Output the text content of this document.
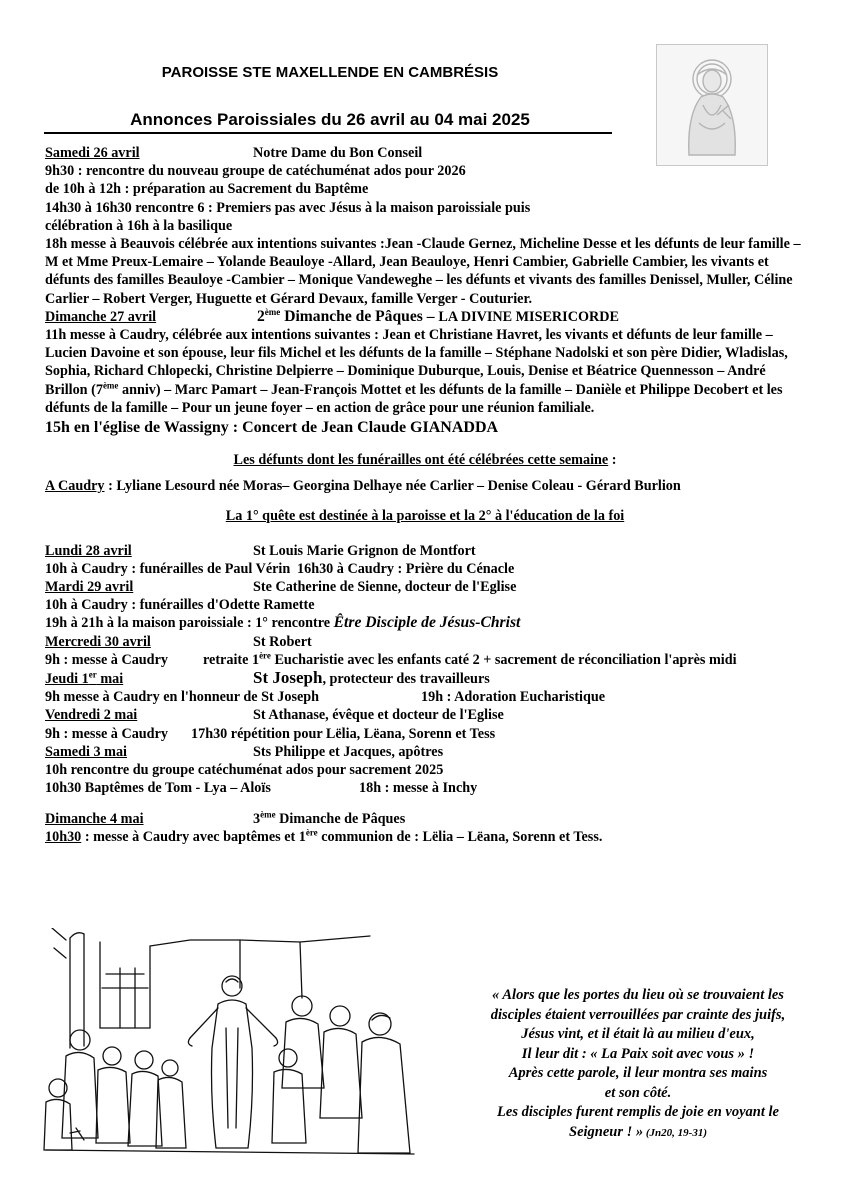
PAROISSE STE MAXELLENDE EN CAMBRÉSIS
Annonces Paroissiales du 26 avril au 04 mai 2025
Samedi 26 avril	Notre Dame du Bon Conseil
9h30 : rencontre du nouveau groupe de catéchuménat ados pour 2026
de 10h à 12h : préparation au Sacrement du Baptême
14h30 à 16h30 rencontre 6 : Premiers pas avec Jésus à la maison paroissiale puis
célébration à 16h à la basilique
18h messe à Beauvois célébrée aux intentions suivantes :Jean -Claude Gernez, Micheline Desse et les défunts de leur famille – M et Mme Preux-Lemaire – Yolande Beauloye -Allard, Jean Beauloye, Henri Cambier, Gabrielle Cambier, les vivants et défunts des familles Beauloye -Cambier – Monique Vandeweghe – les défunts et vivants des familles Denissel, Muller, Céline Carlier – Robert Verger, Huguette et Gérard Devaux, famille Verger - Couturier.
Dimanche 27 avril	2ème Dimanche de Pâques – LA DIVINE MISERICORDE
11h messe à Caudry, célébrée aux intentions suivantes : Jean et Christiane Havret, les vivants et défunts de leur famille – Lucien Davoine et son épouse, leur fils Michel et les défunts de la famille – Stéphane Nadolski et son père Didier, Wladislas, Sophia, Richard Chlopecki, Christine Delpierre – Dominique Duburque, Louis, Denise et Béatrice Quennesson – André Brillon (7ème anniv) – Marc Pamart – Jean-François Mottet et les défunts de la famille – Danièle et Philippe Decobert et les défunts de la famille – Pour un jeune foyer – en action de grâce pour une réunion familiale.
15h en l'église de Wassigny : Concert de Jean Claude GIANADDA
Les défunts dont les funérailles ont été célébrées cette semaine :
A Caudry : Lyliane Lesourd née Moras– Georgina Delhaye née Carlier – Denise Coleau - Gérard Burlion
La 1° quête est destinée à la paroisse et la 2° à l'éducation de la foi
Lundi 28 avril	St Louis Marie Grignon de Montfort
10h à Caudry : funérailles de Paul Vérin 16h30 à Caudry : Prière du Cénacle
Mardi 29 avril	Ste Catherine de Sienne, docteur de l'Eglise
10h à Caudry : funérailles d'Odette Ramette
19h à 21h à la maison paroissiale : 1° rencontre Être Disciple de Jésus-Christ
Mercredi 30 avril	St Robert
9h : messe à Caudry retraite 1ère Eucharistie avec les enfants caté 2 + sacrement de réconciliation l'après midi
Jeudi 1er mai	St Joseph, protecteur des travailleurs
9h messe à Caudry en l'honneur de St Joseph	19h : Adoration Eucharistique
Vendredi 2 mai	St Athanase, évêque et docteur de l'Eglise
9h : messe à Caudry 17h30 répétition pour Lëlia, Lëana, Sorenn et Tess
Samedi 3 mai	Sts Philippe et Jacques, apôtres
10h rencontre du groupe catéchuménat ados pour sacrement 2025
10h30 Baptêmes de Tom - Lya – Aloïs	18h : messe à Inchy
Dimanche 4 mai	3ème Dimanche de Pâques
10h30 : messe à Caudry avec baptêmes et 1ère communion de : Lëlia – Lëana, Sorenn et Tess.
« Alors que les portes du lieu où se trouvaient les
disciples étaient verrouillées par crainte des juifs,
Jésus vint, et il était là au milieu d'eux,
Il leur dit : « La Paix soit avec vous » !
Après cette parole, il leur montra ses mains
et son côté.
Les disciples furent remplis de joie en voyant le
Seigneur ! » (Jn20, 19-31)
